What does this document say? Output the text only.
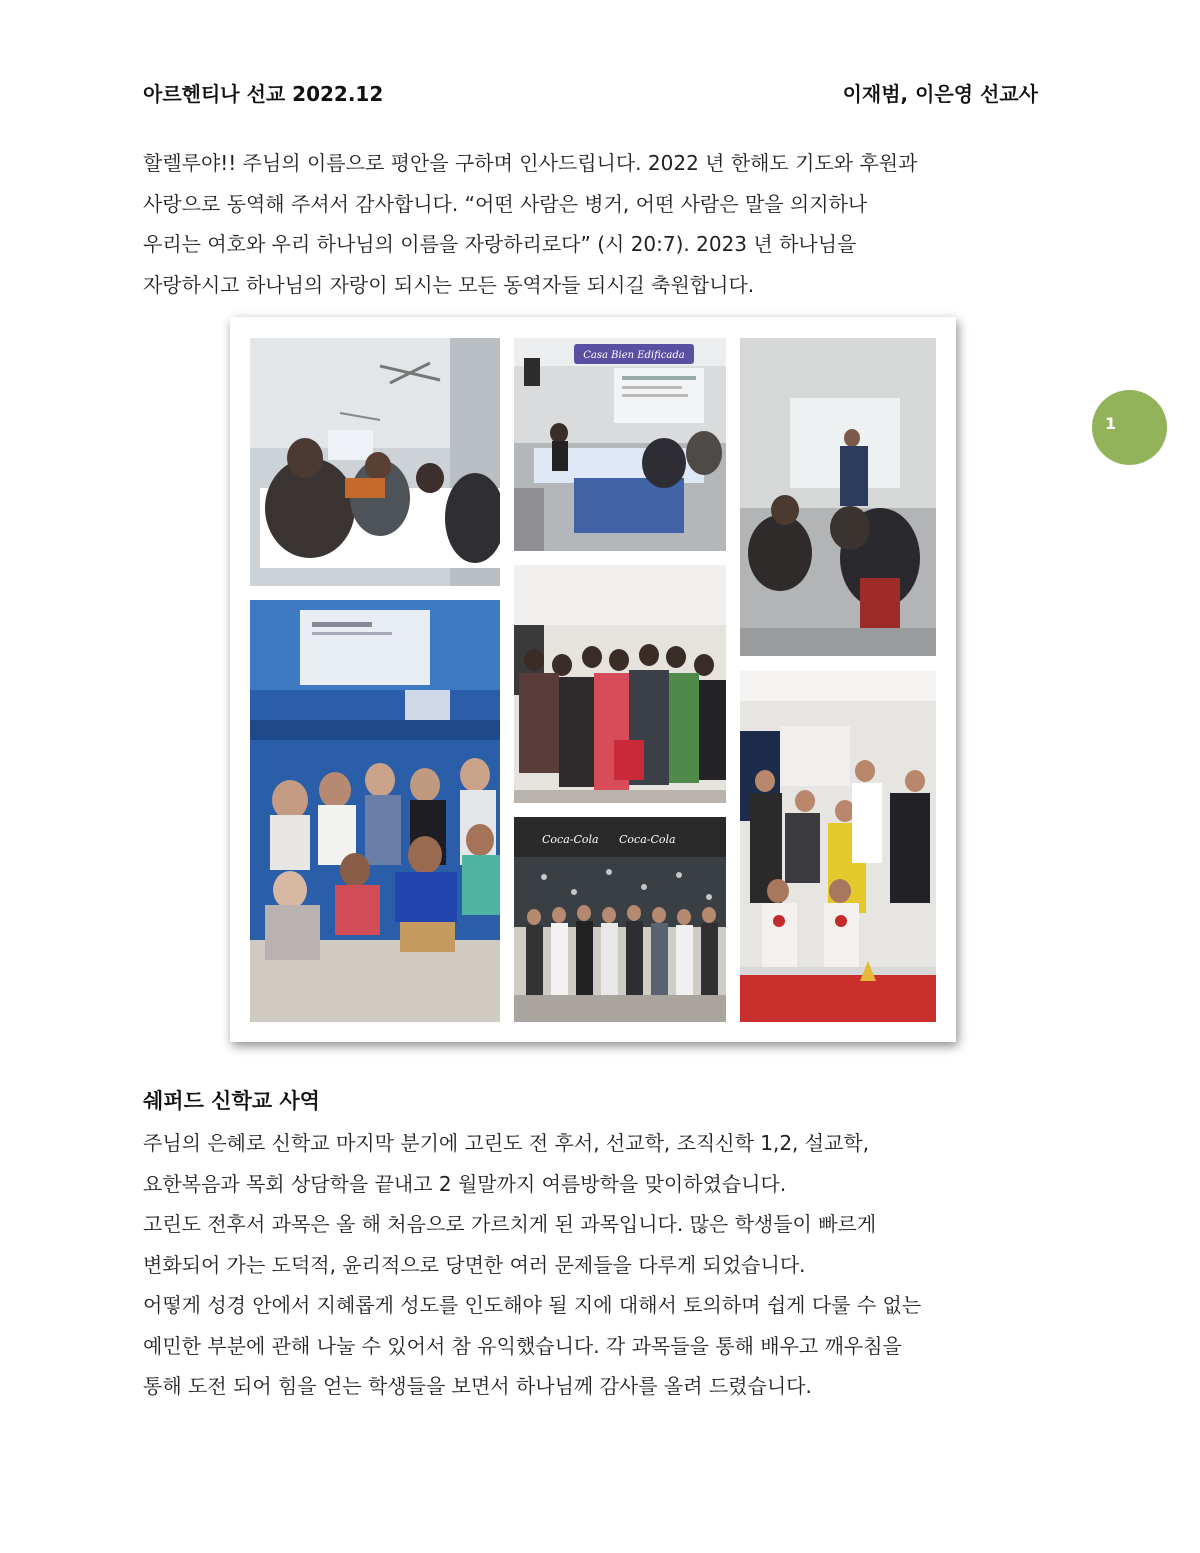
아르헨티나 선교 2022.12	이재범, 이은영 선교사
할렐루야!! 주님의 이름으로 평안을 구하며 인사드립니다. 2022 년 한해도 기도와 후원과
사랑으로 동역해 주셔서 감사합니다. “어떤 사람은 병거, 어떤 사람은 말을 의지하나
우리는 여호와 우리 하나님의 이름을 자랑하리로다” (시 20:7). 2023 년 하나님을
자랑하시고 하나님의 자랑이 되시는 모든 동역자들 되시길 축원합니다.
1
Casa Bien Edificada
Coca-Cola Coca-Cola
쉐퍼드 신학교 사역
주님의 은혜로 신학교 마지막 분기에 고린도 전 후서, 선교학, 조직신학 1,2, 설교학,
요한복음과 목회 상담학을 끝내고 2 월말까지 여름방학을 맞이하였습니다.
고린도 전후서 과목은 올 해 처음으로 가르치게 된 과목입니다. 많은 학생들이 빠르게
변화되어 가는 도덕적, 윤리적으로 당면한 여러 문제들을 다루게 되었습니다.
어떻게 성경 안에서 지혜롭게 성도를 인도해야 될 지에 대해서 토의하며 쉽게 다룰 수 없는
예민한 부분에 관해 나눌 수 있어서 참 유익했습니다. 각 과목들을 통해 배우고 깨우침을
통해 도전 되어 힘을 얻는 학생들을 보면서 하나님께 감사를 올려 드렸습니다.
